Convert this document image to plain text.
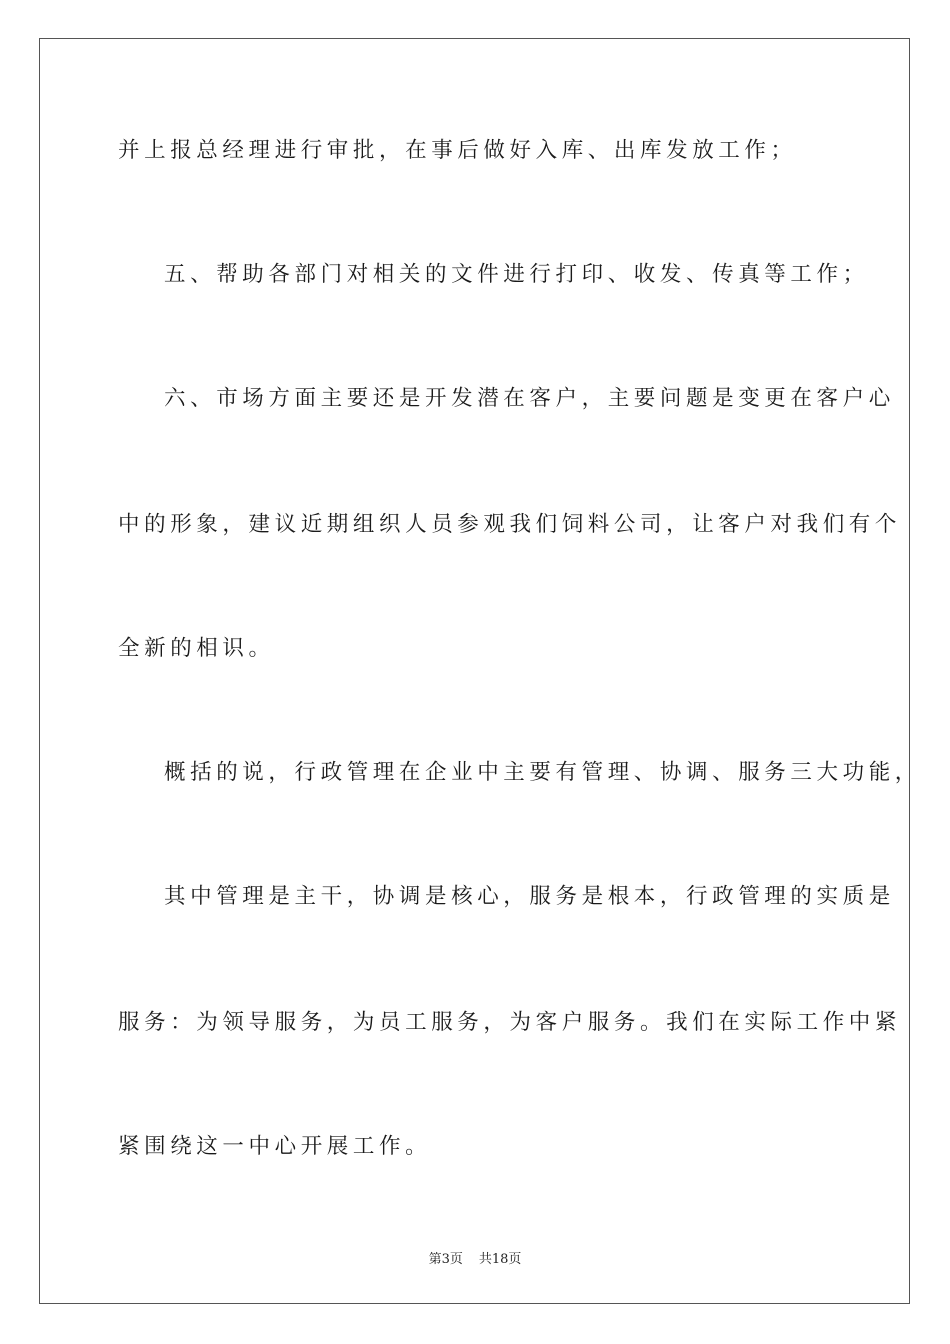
并上报总经理进行审批，在事后做好入库、出库发放工作；
五、帮助各部门对相关的文件进行打印、收发、传真等工作；
六、市场方面主要还是开发潜在客户，主要问题是变更在客户心
中的形象，建议近期组织人员参观我们饲料公司，让客户对我们有个
全新的相识。
概括的说，行政管理在企业中主要有管理、协调、服务三大功能，
其中管理是主干，协调是核心，服务是根本，行政管理的实质是
服务：为领导服务，为员工服务，为客户服务。我们在实际工作中紧
紧围绕这一中心开展工作。
第3页 共18页
